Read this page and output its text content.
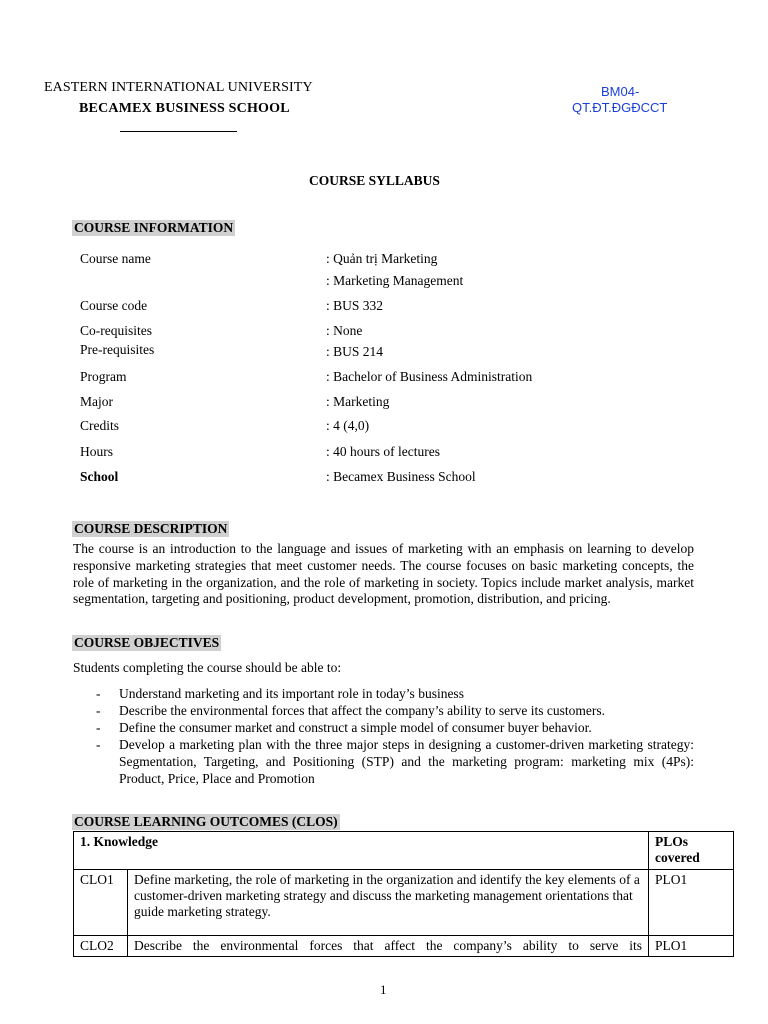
EASTERN INTERNATIONAL UNIVERSITY
BECAMEX BUSINESS SCHOOL
BM04-
QT.ĐT.ĐGĐCCT
COURSE SYLLABUS
COURSE INFORMATION
Course name	: Quản trị Marketing
: Marketing Management
Course code	: BUS 332
Co-requisites	: None
Pre-requisites	: BUS 214
Program	: Bachelor of Business Administration
Major	: Marketing
Credits	: 4 (4,0)
Hours	: 40 hours of lectures
School	: Becamex Business School
COURSE DESCRIPTION
The course is an introduction to the language and issues of marketing with an emphasis on learning to develop responsive marketing strategies that meet customer needs. The course focuses on basic marketing concepts, the role of marketing in the organization, and the role of marketing in society. Topics include market analysis, market segmentation, targeting and positioning, product development, promotion, distribution, and pricing.
COURSE OBJECTIVES
Students completing the course should be able to:
- Understand marketing and its important role in today’s business
- Describe the environmental forces that affect the company’s ability to serve its customers.
- Define the consumer market and construct a simple model of consumer buyer behavior.
- Develop a marketing plan with the three major steps in designing a customer-driven marketing strategy: Segmentation, Targeting, and Positioning (STP) and the marketing program: marketing mix (4Ps): Product, Price, Place and Promotion
COURSE LEARNING OUTCOMES (CLOS)
1. Knowledge		PLOs covered
CLO1	Define marketing, the role of marketing in the organization and identify the key elements of a customer-driven marketing strategy and discuss the marketing management orientations that guide marketing strategy.	PLO1
CLO2	Describe the environmental forces that affect the company’s ability to serve its	PLO1
1
